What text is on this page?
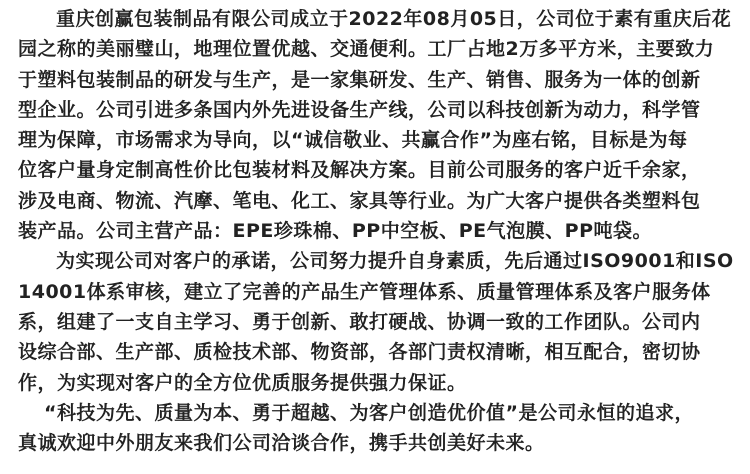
重庆创赢包装制品有限公司成立于2022年08月05日，公司位于素有重庆后花
园之称的美丽璧山，地理位置优越、交通便利。工厂占地2万多平方米，主要致力
于塑料包装制品的研发与生产，是一家集研发、生产、销售、服务为一体的创新
型企业。公司引进多条国内外先进设备生产线，公司以科技创新为动力，科学管
理为保障，市场需求为导向，以“诚信敬业、共赢合作”为座右铭，目标是为每
位客户量身定制高性价比包装材料及解决方案。目前公司服务的客户近千余家，
涉及电商、物流、汽摩、笔电、化工、家具等行业。为广大客户提供各类塑料包
装产品。公司主营产品：EPE珍珠棉、PP中空板、PE气泡膜、PP吨袋。
为实现公司对客户的承诺，公司努力提升自身素质，先后通过ISO9001和ISO
14001体系审核，建立了完善的产品生产管理体系、质量管理体系及客户服务体
系，组建了一支自主学习、勇于创新、敢打硬战、协调一致的工作团队。公司内
设综合部、生产部、质检技术部、物资部，各部门责权清晰，相互配合，密切协
作，为实现对客户的全方位优质服务提供强力保证。
“科技为先、质量为本、勇于超越、为客户创造优价值”是公司永恒的追求，
真诚欢迎中外朋友来我们公司洽谈合作，携手共创美好未来。
